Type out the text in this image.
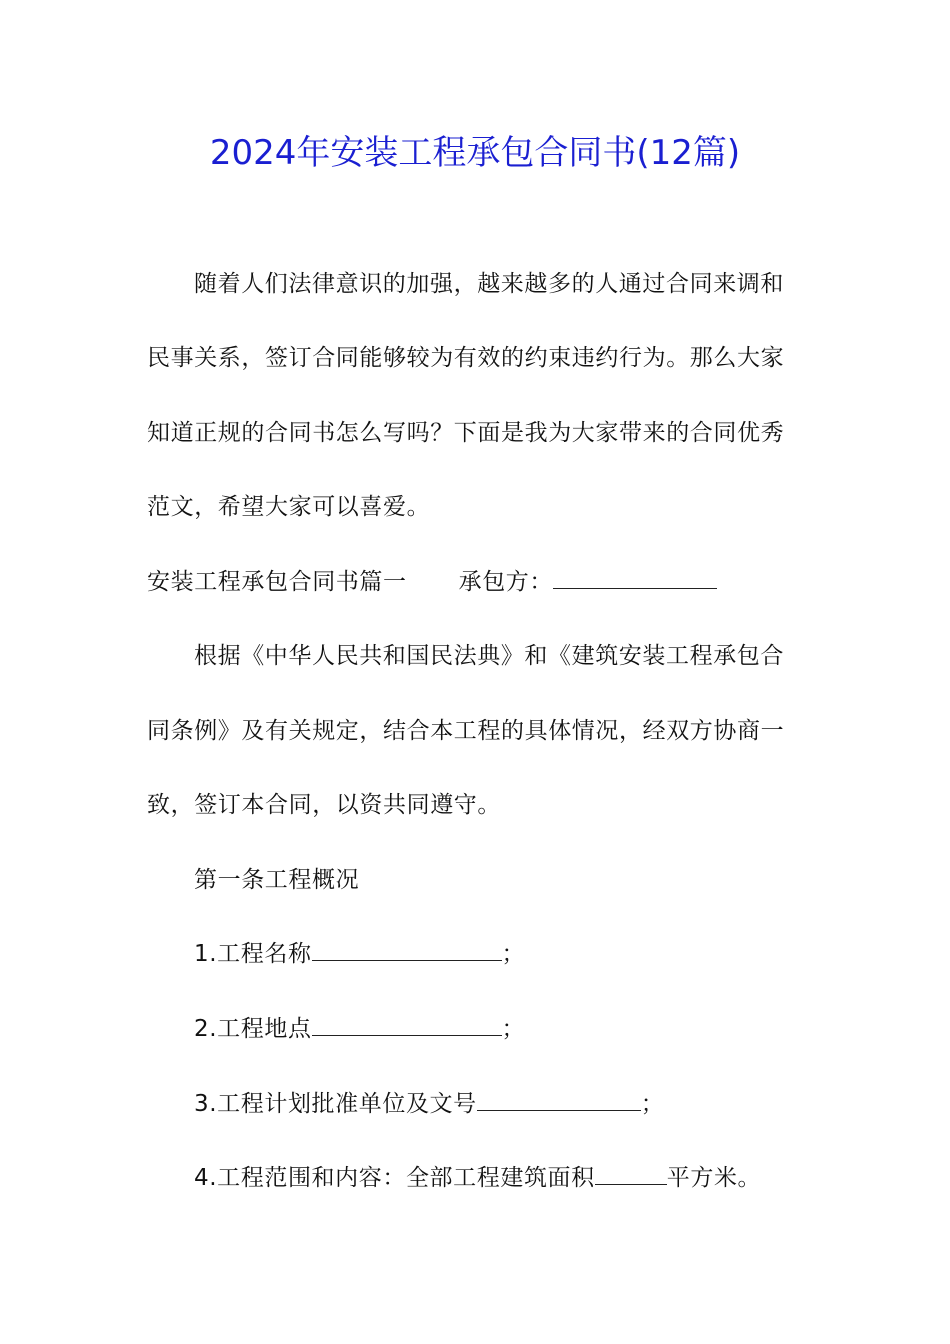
2024年安装工程承包合同书(12篇)
随着人们法律意识的加强，越来越多的人通过合同来调和
民事关系，签订合同能够较为有效的约束违约行为。那么大家
知道正规的合同书怎么写吗？下面是我为大家带来的合同优秀
范文，希望大家可以喜爱。
安装工程承包合同书篇一 承包方：
根据《中华人民共和国民法典》和《建筑安装工程承包合
同条例》及有关规定，结合本工程的具体情况，经双方协商一
致，签订本合同，以资共同遵守。
第一条工程概况
1.工程名称	；
2.工程地点	；
3.工程计划批准单位及文号	；
4.工程范围和内容：全部工程建筑面积	平方米。
